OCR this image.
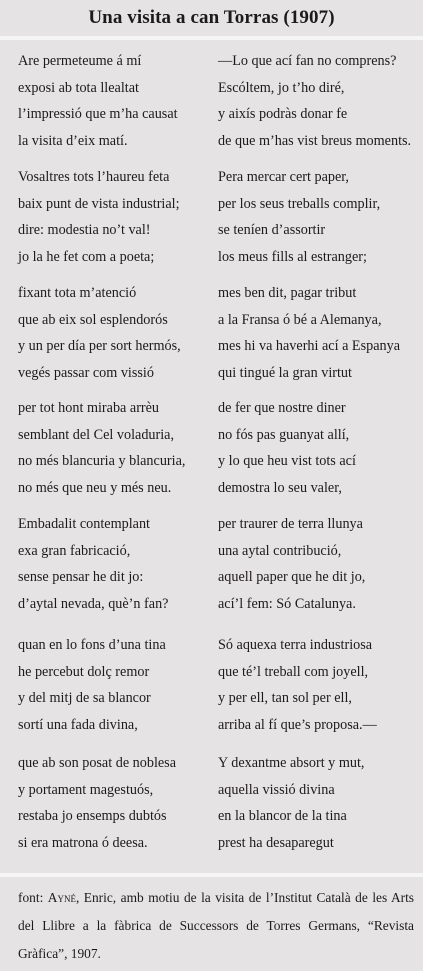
Una visita a can Torras (1907)
Are permeteume á mí
exposi ab tota llealtat
l’impressió que m’ha causat
la visita d’eix matí.
Vosaltres tots l’haureu feta
baix punt de vista industrial;
dire: modestia no’t val!
jo la he fet com a poeta;
fixant tota m’atenció
que ab eix sol esplendorós
y un per día per sort hermós,
vegés passar com vissió
per tot hont miraba arrèu
semblant del Cel voladuria,
no més blancuria y blancuria,
no més que neu y més neu.
Embadalit contemplant
exa gran fabricació,
sense pensar he dit jo:
d’aytal nevada, què’n fan?
quan en lo fons d’una tina
he percebut dolç remor
y del mitj de sa blancor
sortí una fada divina,
que ab son posat de noblesa
y portament magestuós,
restaba jo ensemps dubtós
si era matrona ó deesa.
—Lo que ací fan no comprens?
Escóltem, jo t’ho diré,
y aixís podràs donar fe
de que m’has vist breus moments.
Pera mercar cert paper,
per los seus treballs complir,
se teníen d’assortir
los meus fills al estranger;
mes ben dit, pagar tribut
a la Fransa ó bé a Alemanya,
mes hi va haverhi ací a Espanya
qui tingué la gran virtut
de fer que nostre diner
no fós pas guanyat allí,
y lo que heu vist tots ací
demostra lo seu valer,
per traurer de terra llunya
una aytal contribució,
aquell paper que he dit jo,
ací’l fem: Só Catalunya.
Só aquexa terra industriosa
que té’l treball com joyell,
y per ell, tan sol per ell,
arriba al fí que’s proposa.—
Y dexantme absort y mut,
aquella vissió divina
en la blancor de la tina
prest ha desaparegut
font: Ayné, Enric, amb motiu de la visita de l’Institut Català de les Arts del Llibre a la fàbrica de Successors de Torres Germans, “Revista Gràfica”, 1907.
